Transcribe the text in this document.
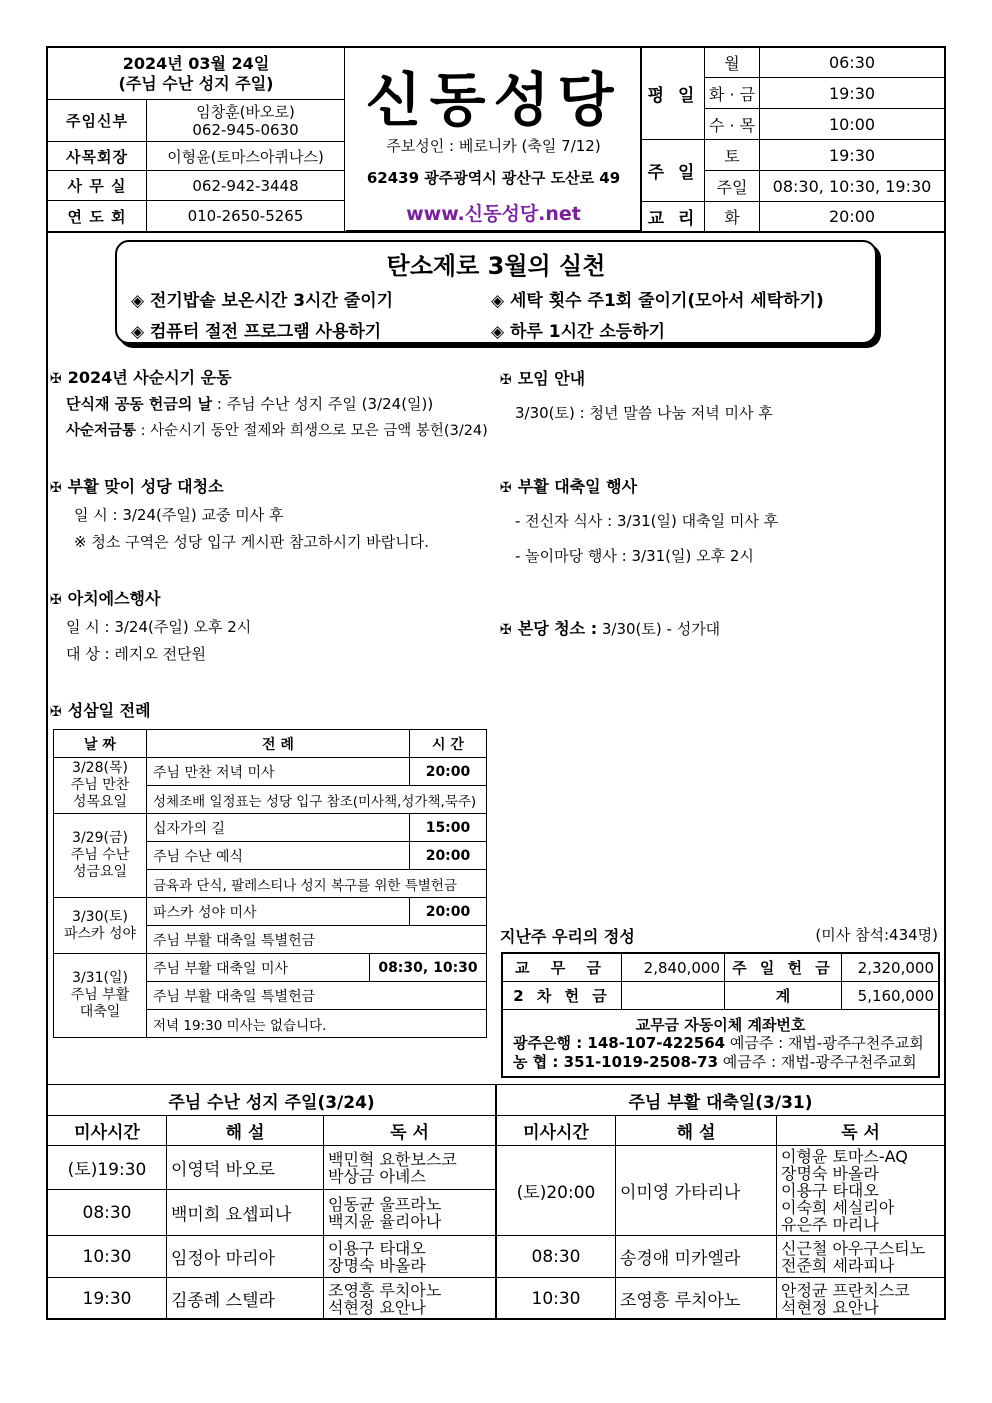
2024년 03월 24일
(주님 수난 성지 주일)	

주임신부	임창훈(바오로)
062-945-0630

사목회장	이형윤(토마스아퀴나스)
사 무 실	062-942-3448
연 도 회	010-2650-5265
신동성당
주보성인 : 베로니카 (축일 7/12)
62439 광주광역시 광산구 도산로 49
www.신동성당.net
평 일	월	06:30
	화 · 금	19:30
	수 · 목	10:00
주 일	토	19:30
	주일	08:30, 10:30, 19:30
교 리	화	20:00
탄소제로 3월의 실천
◈ 전기밥솥 보온시간 3시간 줄이기	◈ 세탁 횟수 주1회 줄이기(모아서 세탁하기)
◈ 컴퓨터 절전 프로그램 사용하기	◈ 하루 1시간 소등하기
✠ 2024년 사순시기 운동
단식재 공동 헌금의 날 : 주님 수난 성지 주일 (3/24(일))
사순저금통 : 사순시기 동안 절제와 희생으로 모은 금액 봉헌(3/24)
✠ 부활 맞이 성당 대청소
일 시 : 3/24(주일) 교중 미사 후
※ 청소 구역은 성당 입구 게시판 참고하시기 바랍니다.
✠ 아치에스행사
일 시 : 3/24(주일) 오후 2시
대 상 : 레지오 전단원
✠ 성삼일 전례
✠ 모임 안내
3/30(토) : 청년 말씀 나눔 저녁 미사 후
✠ 부활 대축일 행사
- 전신자 식사 : 3/31(일) 대축일 미사 후
- 놀이마당 행사 : 3/31(일) 오후 2시
✠ 본당 청소 : 3/30(토) - 성가대
날 짜	전 례		시 간

3/28(목)
주님 만찬
성목요일	주님 만찬 저녁 미사		20:00
	성체조배 일정표는 성당 입구 참조(미사책,성가책,묵주)		

3/29(금)
주님 수난
성금요일	십자가의 길		15:00
	주님 수난 예식		20:00
	금육과 단식, 팔레스티나 성지 복구를 위한 특별헌금		

3/30(토)
파스카 성야	파스카 성야 미사		20:00
	주님 부활 대축일 특별헌금		

3/31(일)
주님 부활
대축일	주님 부활 대축일 미사	08:30, 10:30	
	주님 부활 대축일 특별헌금		
	저녁 19:30 미사는 없습니다.		
지난주 우리의 정성	(미사 참석:434명)
교 무 금	2,840,000	주 일 헌 금	2,320,000
2 차 헌 금		계	5,160,000
교무금 자동이체 계좌번호
광주은행 : 148-107-422564 예금주 : 재법-광주구천주교회
농 협 : 351-1019-2508-73 예금주 : 재법-광주구천주교회
주님 수난 성지 주일(3/24)		
미사시간	해 설	독 서
(토)19:30	이영덕 바오로	백민혁 요한보스코
박상금 아녜스

08:30	백미희 요셉피나	임동균 울프라노
백지윤 율리아나

10:30	임정아 마리아	이용구 타대오
장명숙 바올라

19:30	김종례 스텔라	조영흥 루치아노
석현정 요안나
주님 부활 대축일(3/31)		
미사시간	해 설	독 서
(토)20:00	이미영 가타리나	이형윤 토마스-AQ
장명숙 바올라
이용구 타대오
이숙희 세실리아
유은주 마리나

08:30	송경애 미카엘라	신근철 아우구스티노
전준희 세라피나

10:30	조영흥 루치아노	안정균 프란치스코
석현정 요안나
